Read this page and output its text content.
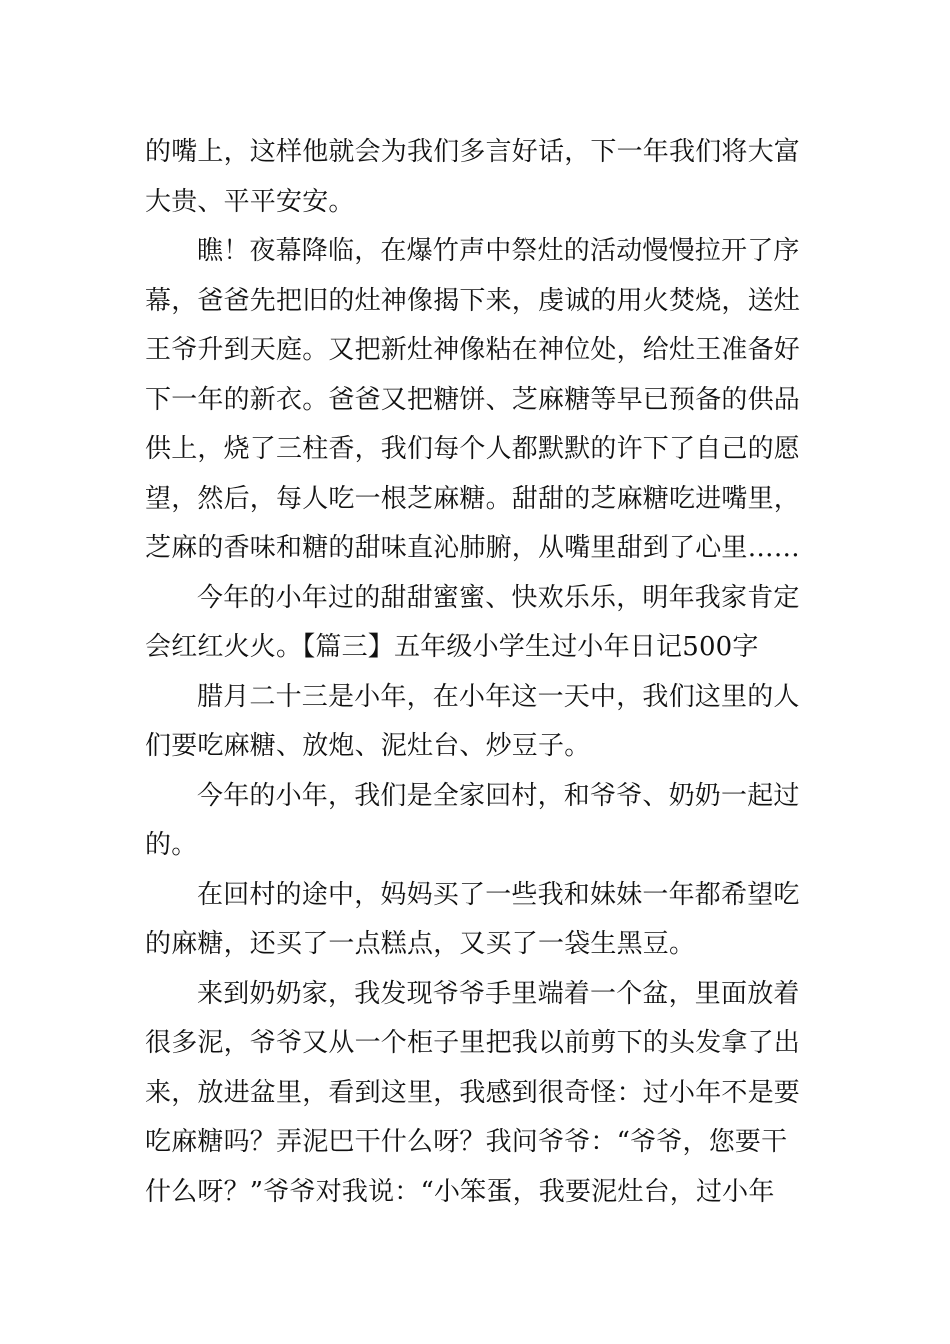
的嘴上，这样他就会为我们多言好话，下一年我们将大富
大贵、平平安安。
瞧！夜幕降临，在爆竹声中祭灶的活动慢慢拉开了序
幕，爸爸先把旧的灶神像揭下来，虔诚的用火焚烧，送灶
王爷升到天庭。又把新灶神像粘在神位处，给灶王准备好
下一年的新衣。爸爸又把糖饼、芝麻糖等早已预备的供品
供上，烧了三柱香，我们每个人都默默的许下了自己的愿
望，然后，每人吃一根芝麻糖。甜甜的芝麻糖吃进嘴里，
芝麻的香味和糖的甜味直沁肺腑，从嘴里甜到了心里……
今年的小年过的甜甜蜜蜜、快欢乐乐，明年我家肯定
会红红火火。【篇三】五年级小学生过小年日记500字
腊月二十三是小年，在小年这一天中，我们这里的人
们要吃麻糖、放炮、泥灶台、炒豆子。
今年的小年，我们是全家回村，和爷爷、奶奶一起过
的。
在回村的途中，妈妈买了一些我和妹妹一年都希望吃
的麻糖，还买了一点糕点，又买了一袋生黑豆。
来到奶奶家，我发现爷爷手里端着一个盆，里面放着
很多泥，爷爷又从一个柜子里把我以前剪下的头发拿了出
来，放进盆里，看到这里，我感到很奇怪：过小年不是要
吃麻糖吗？弄泥巴干什么呀？我问爷爷：“爷爷，您要干
什么呀？”爷爷对我说：“小笨蛋，我要泥灶台，过小年
